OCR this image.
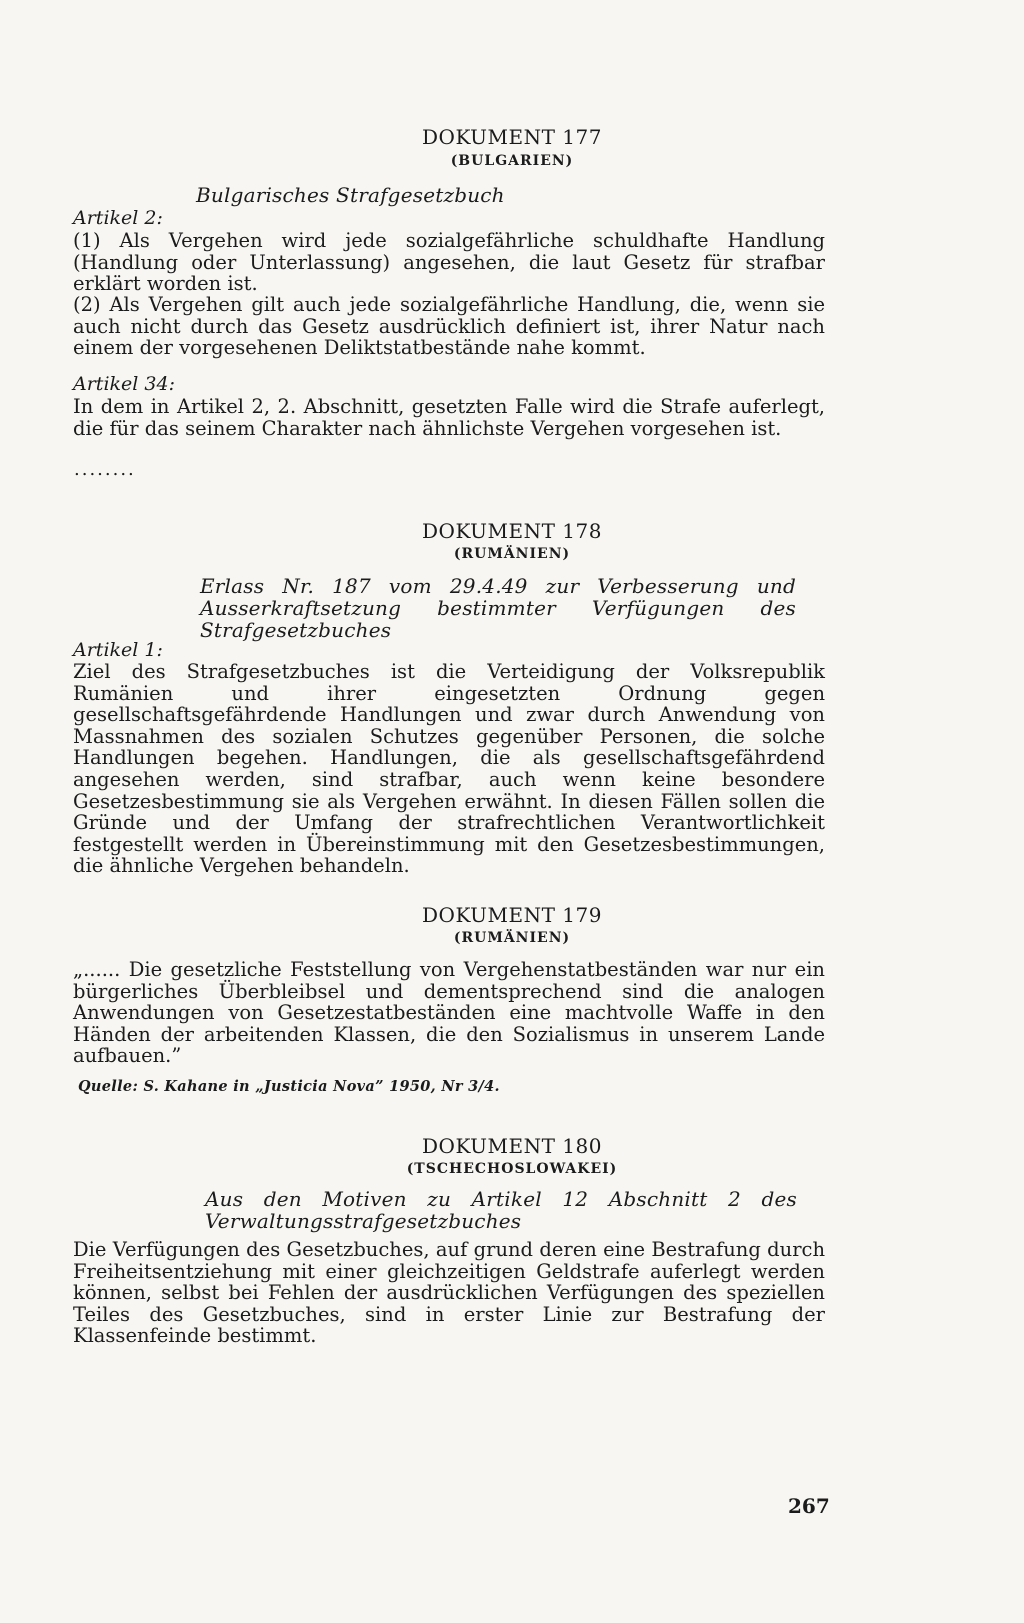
DOKUMENT 177
(BULGARIEN)
Bulgarisches Strafgesetzbuch
Artikel 2:
(1) Als Vergehen wird jede sozialgefährliche schuldhafte Handlung (Handlung oder Unterlassung) angesehen, die laut Gesetz für strafbar erklärt worden ist.
(2) Als Vergehen gilt auch jede sozialgefährliche Handlung, die, wenn sie auch nicht durch das Gesetz ausdrücklich definiert ist, ihrer Natur nach einem der vorgesehenen Deliktstatbestände nahe kommt.
Artikel 34:
In dem in Artikel 2, 2. Abschnitt, gesetzten Falle wird die Strafe auferlegt, die für das seinem Charakter nach ähnlichste Vergehen vorgesehen ist.
........
DOKUMENT 178
(RUMÄNIEN)
Erlass Nr. 187 vom 29.4.49 zur Verbesserung und Ausserkraftsetzung bestimmter Verfügungen des Strafgesetzbuches
Artikel 1:
Ziel des Strafgesetzbuches ist die Verteidigung der Volksrepublik Rumänien und ihrer eingesetzten Ordnung gegen gesellschaftsgefährdende Handlungen und zwar durch Anwendung von Massnahmen des sozialen Schutzes gegenüber Personen, die solche Handlungen begehen. Handlungen, die als gesellschaftsgefährdend angesehen werden, sind strafbar, auch wenn keine besondere Gesetzesbestimmung sie als Vergehen erwähnt. In diesen Fällen sollen die Gründe und der Umfang der strafrechtlichen Verantwortlichkeit festgestellt werden in Übereinstimmung mit den Gesetzesbestimmungen, die ähnliche Vergehen behandeln.
DOKUMENT 179
(RUMÄNIEN)
„...... Die gesetzliche Feststellung von Vergehenstatbeständen war nur ein bürgerliches Überbleibsel und dementsprechend sind die analogen Anwendungen von Gesetzestatbeständen eine machtvolle Waffe in den Händen der arbeitenden Klassen, die den Sozialismus in unserem Lande aufbauen.”
Quelle: S. Kahane in „Justicia Nova” 1950, Nr 3/4.
DOKUMENT 180
(TSCHECHOSLOWAKEI)
Aus den Motiven zu Artikel 12 Abschnitt 2 des Verwaltungsstrafgesetzbuches
Die Verfügungen des Gesetzbuches, auf grund deren eine Bestrafung durch Freiheitsentziehung mit einer gleichzeitigen Geldstrafe auferlegt werden können, selbst bei Fehlen der ausdrücklichen Verfügungen des speziellen Teiles des Gesetzbuches, sind in erster Linie zur Bestrafung der Klassenfeinde bestimmt.
267
